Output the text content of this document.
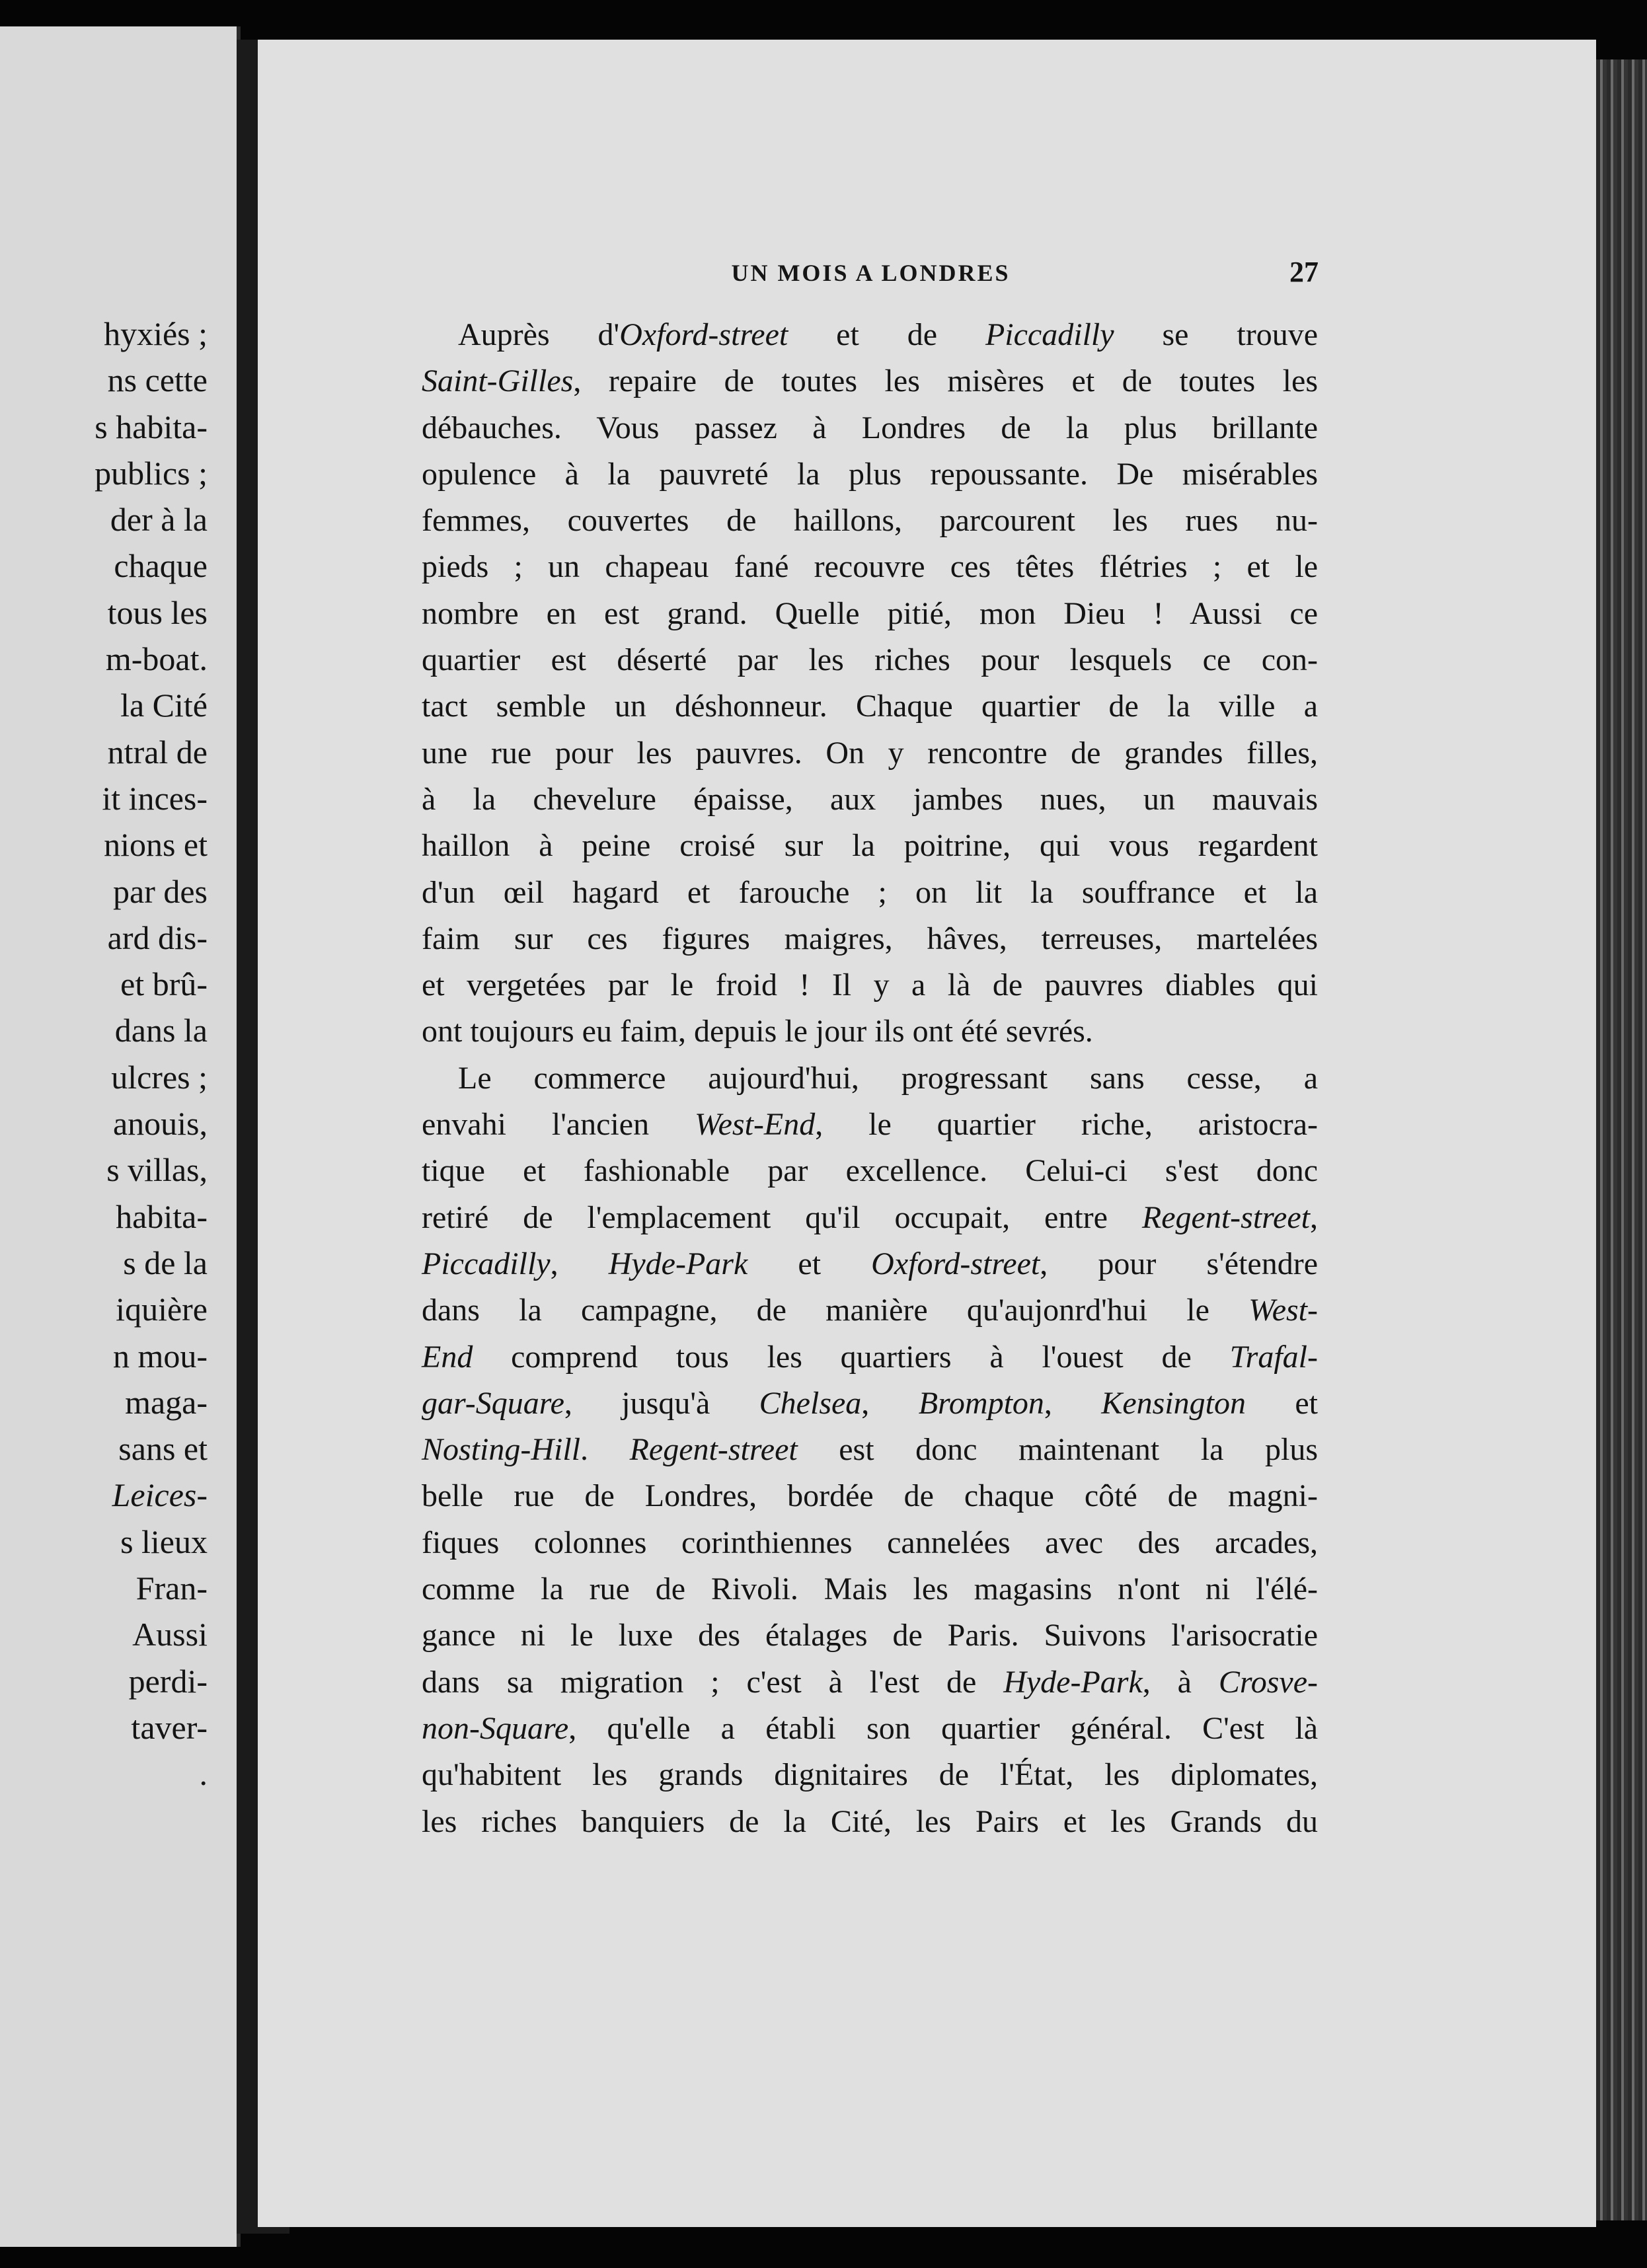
hyxiés ;
ns cette
s habita-
publics ;
der à la
chaque
tous les
m-boat.
la Cité
ntral de
it inces-
nions et
par des
ard dis-
et brû-
dans la
ulcres ;
anouis,
s villas,
habita-
s de la
iquière
n mou-
maga-
sans et
Leices-
s lieux
Fran-
Aussi
perdi-
taver-
.
UN MOIS A LONDRES	27
Auprès d'Oxford-street et de Piccadilly se trouve
Saint-Gilles, repaire de toutes les misères et de toutes les
débauches. Vous passez à Londres de la plus brillante
opulence à la pauvreté la plus repoussante. De misérables
femmes, couvertes de haillons, parcourent les rues nu-
pieds ; un chapeau fané recouvre ces têtes flétries ; et le
nombre en est grand. Quelle pitié, mon Dieu ! Aussi ce
quartier est déserté par les riches pour lesquels ce con-
tact semble un déshonneur. Chaque quartier de la ville a
une rue pour les pauvres. On y rencontre de grandes filles,
à la chevelure épaisse, aux jambes nues, un mauvais
haillon à peine croisé sur la poitrine, qui vous regardent
d'un œil hagard et farouche ; on lit la souffrance et la
faim sur ces figures maigres, hâves, terreuses, martelées
et vergetées par le froid ! Il y a là de pauvres diables qui
ont toujours eu faim, depuis le jour ils ont été sevrés.
Le commerce aujourd'hui, progressant sans cesse, a
envahi l'ancien West-End, le quartier riche, aristocra-
tique et fashionable par excellence. Celui-ci s'est donc
retiré de l'emplacement qu'il occupait, entre Regent-street,
Piccadilly, Hyde-Park et Oxford-street, pour s'étendre
dans la campagne, de manière qu'aujonrd'hui le West-
End comprend tous les quartiers à l'ouest de Trafal-
gar-Square, jusqu'à Chelsea, Brompton, Kensington et
Nosting-Hill. Regent-street est donc maintenant la plus
belle rue de Londres, bordée de chaque côté de magni-
fiques colonnes corinthiennes cannelées avec des arcades,
comme la rue de Rivoli. Mais les magasins n'ont ni l'élé-
gance ni le luxe des étalages de Paris. Suivons l'arisocratie
dans sa migration ; c'est à l'est de Hyde-Park, à Crosve-
non-Square, qu'elle a établi son quartier général. C'est là
qu'habitent les grands dignitaires de l'État, les diplomates,
les riches banquiers de la Cité, les Pairs et les Grands du
